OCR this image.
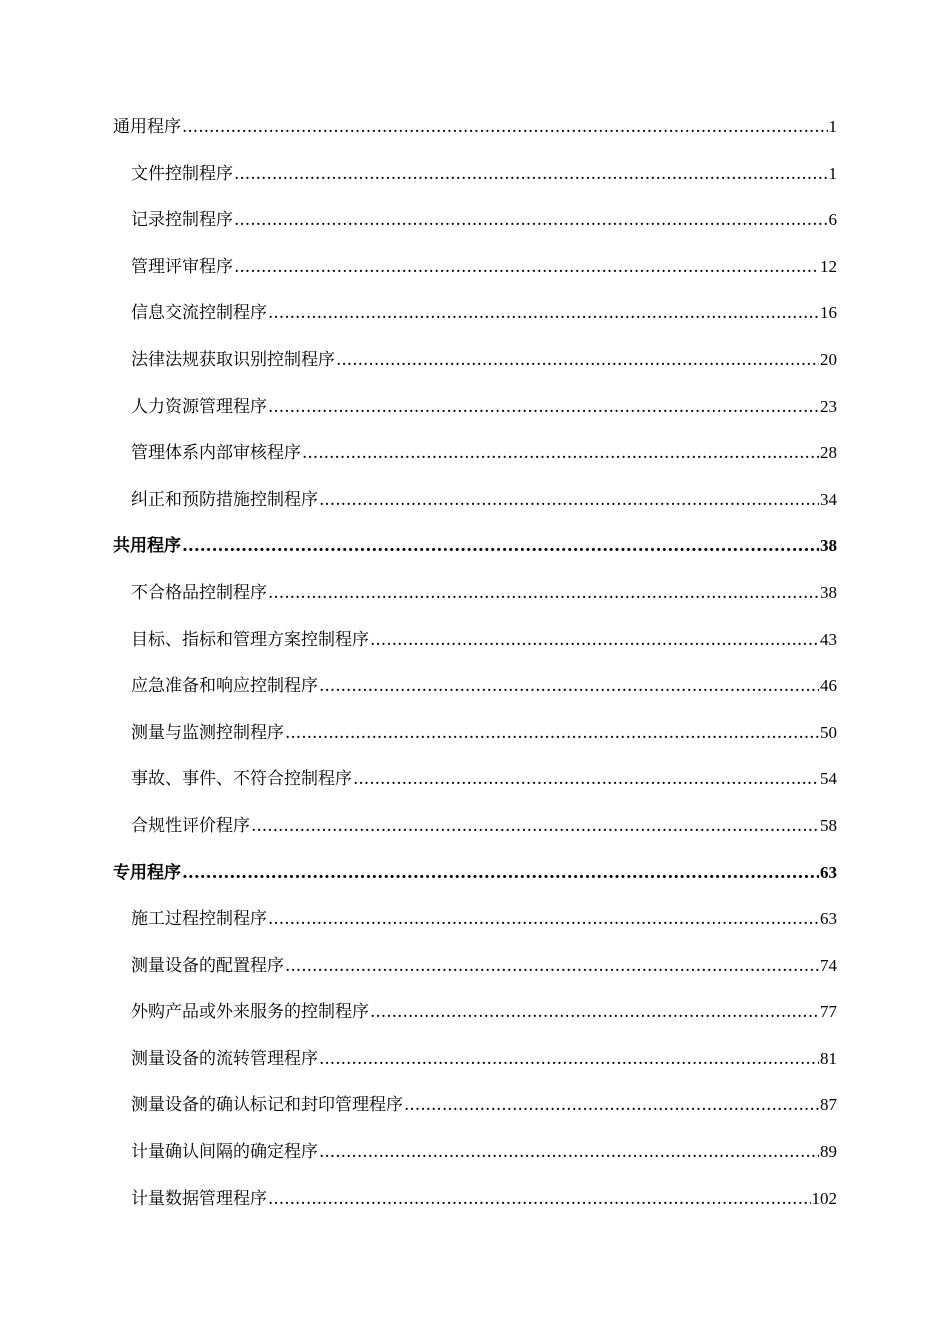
通用程序 .....	1
文件控制程序 .....	1
记录控制程序 .....	6
管理评审程序 .....	12
信息交流控制程序 .....	16
法律法规获取识别控制程序 .....	20
人力资源管理程序 .....	23
管理体系内部审核程序 .....	28
纠正和预防措施控制程序 .....	34
共用程序 .....	38
不合格品控制程序 .....	38
目标、指标和管理方案控制程序 .....	43
应急准备和响应控制程序 .....	46
测量与监测控制程序 .....	50
事故、事件、不符合控制程序 .....	54
合规性评价程序 .....	58
专用程序 .....	63
施工过程控制程序 .....	63
测量设备的配置程序 .....	74
外购产品或外来服务的控制程序 .....	77
测量设备的流转管理程序 .....	81
测量设备的确认标记和封印管理程序 .....	87
计量确认间隔的确定程序 .....	89
计量数据管理程序 .....	102
